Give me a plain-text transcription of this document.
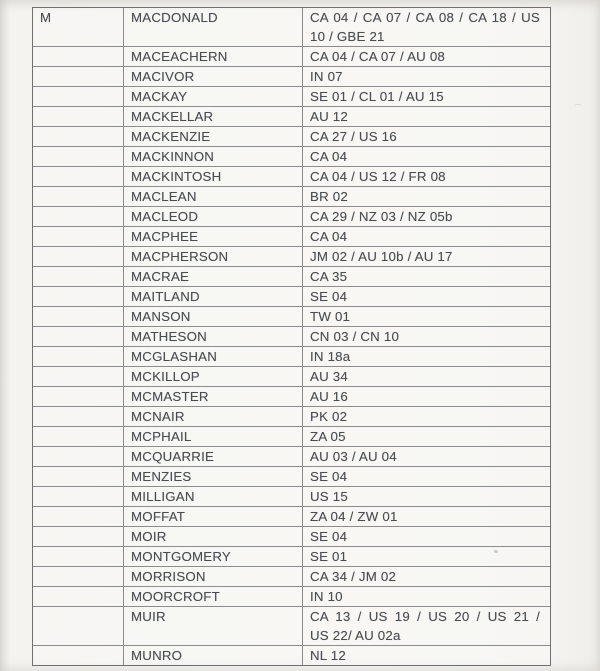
M	MACDONALD	CA 04 / CA 07 / CA 08 / CA 18 / US
10 / GBE 21
MACEACHERN	CA 04 / CA 07 / AU 08
MACIVOR	IN 07
MACKAY	SE 01 / CL 01 / AU 15
MACKELLAR	AU 12
MACKENZIE	CA 27 / US 16
MACKINNON	CA 04
MACKINTOSH	CA 04 / US 12 / FR 08
MACLEAN	BR 02
MACLEOD	CA 29 / NZ 03 / NZ 05b
MACPHEE	CA 04
MACPHERSON	JM 02 / AU 10b / AU 17
MACRAE	CA 35
MAITLAND	SE 04
MANSON	TW 01
MATHESON	CN 03 / CN 10
MCGLASHAN	IN 18a
MCKILLOP	AU 34
MCMASTER	AU 16
MCNAIR	PK 02
MCPHAIL	ZA 05
MCQUARRIE	AU 03 / AU 04
MENZIES	SE 04
MILLIGAN	US 15
MOFFAT	ZA 04 / ZW 01
MOIR	SE 04
MONTGOMERY	SE 01
MORRISON	CA 34 / JM 02
MOORCROFT	IN 10
MUIR	CA 13 / US 19 / US 20 / US 21 /
US 22/ AU 02a
MUNRO	NL 12
